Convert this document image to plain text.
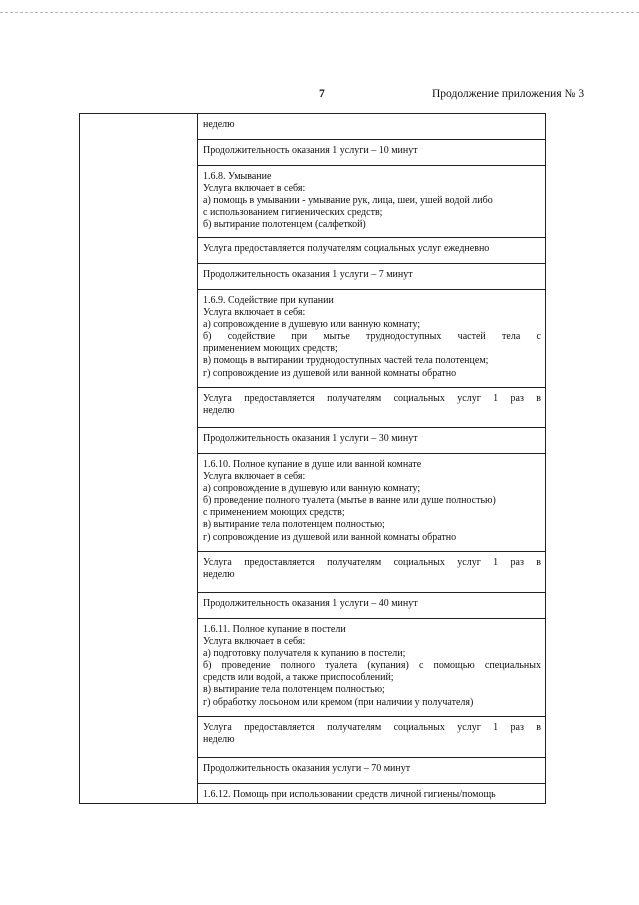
7	Продолжение приложения № 3
неделю
Продолжительность оказания 1 услуги – 10 минут
1.6.8. Умывание
Услуга включает в себя:
а) помощь в умывании - умывание рук, лица, шеи, ушей водой либо
с использованием гигиенических средств;
б) вытирание полотенцем (салфеткой)
Услуга предоставляется получателям социальных услуг ежедневно
Продолжительность оказания 1 услуги – 7 минут
1.6.9. Содействие при купании
Услуга включает в себя:
а) сопровождение в душевую или ванную комнату;
б) содействие при мытье труднодоступных частей тела с
применением моющих средств;
в) помощь в вытирании труднодоступных частей тела полотенцем;
г) сопровождение из душевой или ванной комнаты обратно
Услуга предоставляется получателям социальных услуг 1 раз в
неделю
Продолжительность оказания 1 услуги – 30 минут
1.6.10. Полное купание в душе или ванной комнате
Услуга включает в себя:
а) сопровождение в душевую или ванную комнату;
б) проведение полного туалета (мытье в ванне или душе полностью)
с применением моющих средств;
в) вытирание тела полотенцем полностью;
г) сопровождение из душевой или ванной комнаты обратно
Услуга предоставляется получателям социальных услуг 1 раз в
неделю
Продолжительность оказания 1 услуги – 40 минут
1.6.11. Полное купание в постели
Услуга включает в себя:
а) подготовку получателя к купанию в постели;
б) проведение полного туалета (купания) с помощью специальных
средств или водой, а также приспособлений;
в) вытирание тела полотенцем полностью;
г) обработку лосьоном или кремом (при наличии у получателя)
Услуга предоставляется получателям социальных услуг 1 раз в
неделю
Продолжительность оказания услуги – 70 минут
1.6.12. Помощь при использовании средств личной гигиены/помощь
